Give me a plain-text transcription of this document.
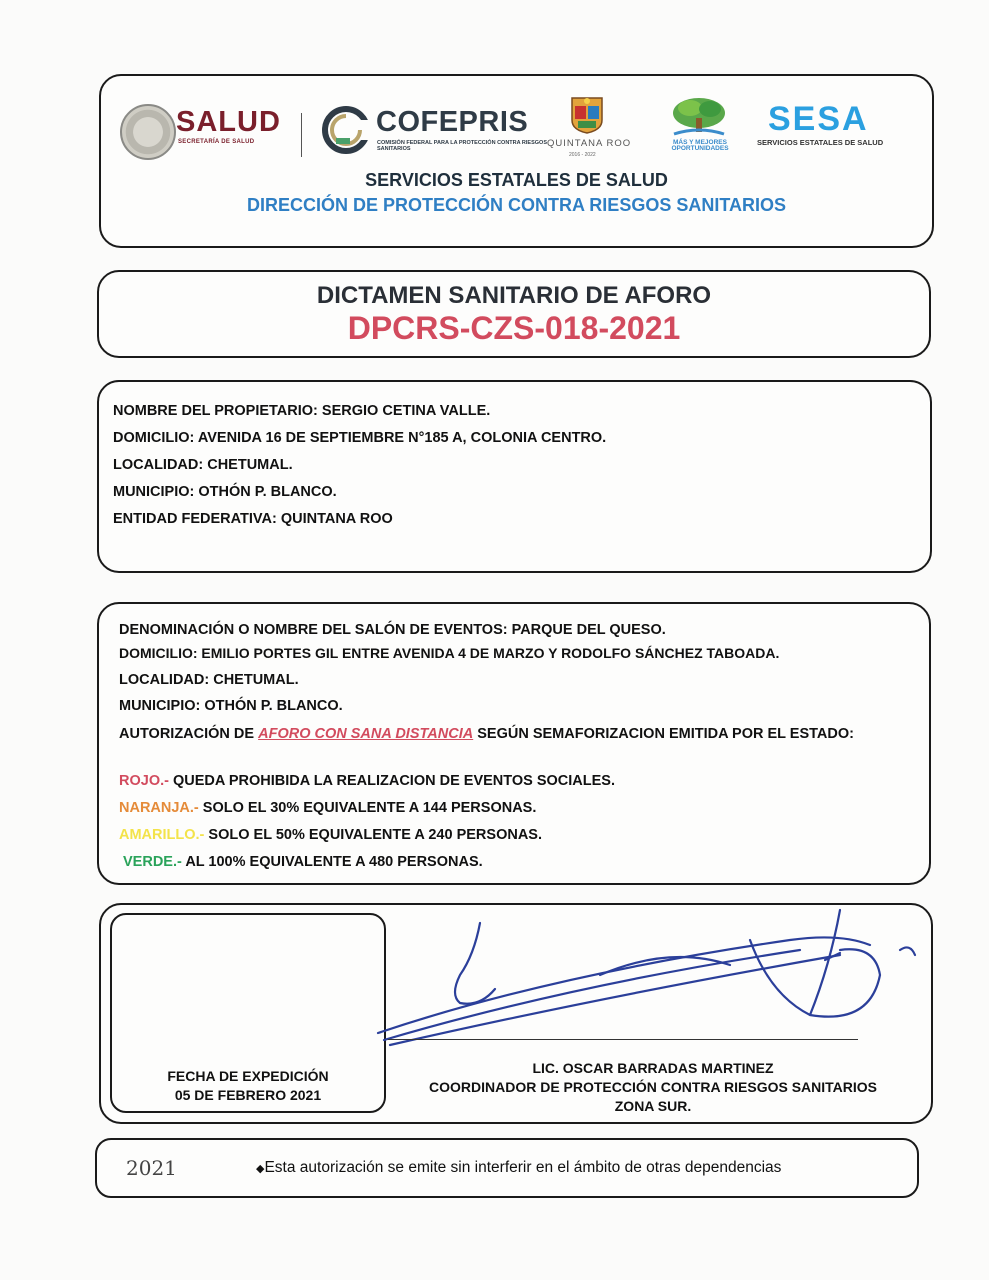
SALUD
SECRETARÍA DE SALUD
COFEPRIS
COMISIÓN FEDERAL PARA LA PROTECCIÓN CONTRA RIESGOS SANITARIOS	QUINTANA ROO
2016 - 2022
MÁS Y MEJORES OPORTUNIDADES
SESA
SERVICIOS ESTATALES DE SALUD
SERVICIOS ESTATALES DE SALUD
DIRECCIÓN DE PROTECCIÓN CONTRA RIESGOS SANITARIOS
DICTAMEN SANITARIO DE AFORO
DPCRS-CZS-018-2021
NOMBRE DEL PROPIETARIO: SERGIO CETINA VALLE.
DOMICILIO: AVENIDA 16 DE SEPTIEMBRE N°185 A, COLONIA CENTRO.
LOCALIDAD: CHETUMAL.
MUNICIPIO: OTHÓN P. BLANCO.
ENTIDAD FEDERATIVA: QUINTANA ROO
DENOMINACIÓN O NOMBRE DEL SALÓN DE EVENTOS: PARQUE DEL QUESO.
DOMICILIO: EMILIO PORTES GIL ENTRE AVENIDA 4 DE MARZO Y RODOLFO SÁNCHEZ TABOADA.
LOCALIDAD: CHETUMAL.
MUNICIPIO: OTHÓN P. BLANCO.
AUTORIZACIÓN DE AFORO CON SANA DISTANCIA SEGÚN SEMAFORIZACION EMITIDA POR EL ESTADO:
ROJO.- QUEDA PROHIBIDA LA REALIZACION DE EVENTOS SOCIALES.
NARANJA.- SOLO EL 30% EQUIVALENTE A 144 PERSONAS.
AMARILLO.- SOLO EL 50% EQUIVALENTE A 240 PERSONAS.
VERDE.- AL 100% EQUIVALENTE A 480 PERSONAS.
FECHA DE EXPEDICIÓN
05 DE FEBRERO 2021
LIC. OSCAR BARRADAS MARTINEZ
COORDINADOR DE PROTECCIÓN CONTRA RIESGOS SANITARIOS
ZONA SUR.
2021	◆Esta autorización se emite sin interferir en el ámbito de otras dependencias
